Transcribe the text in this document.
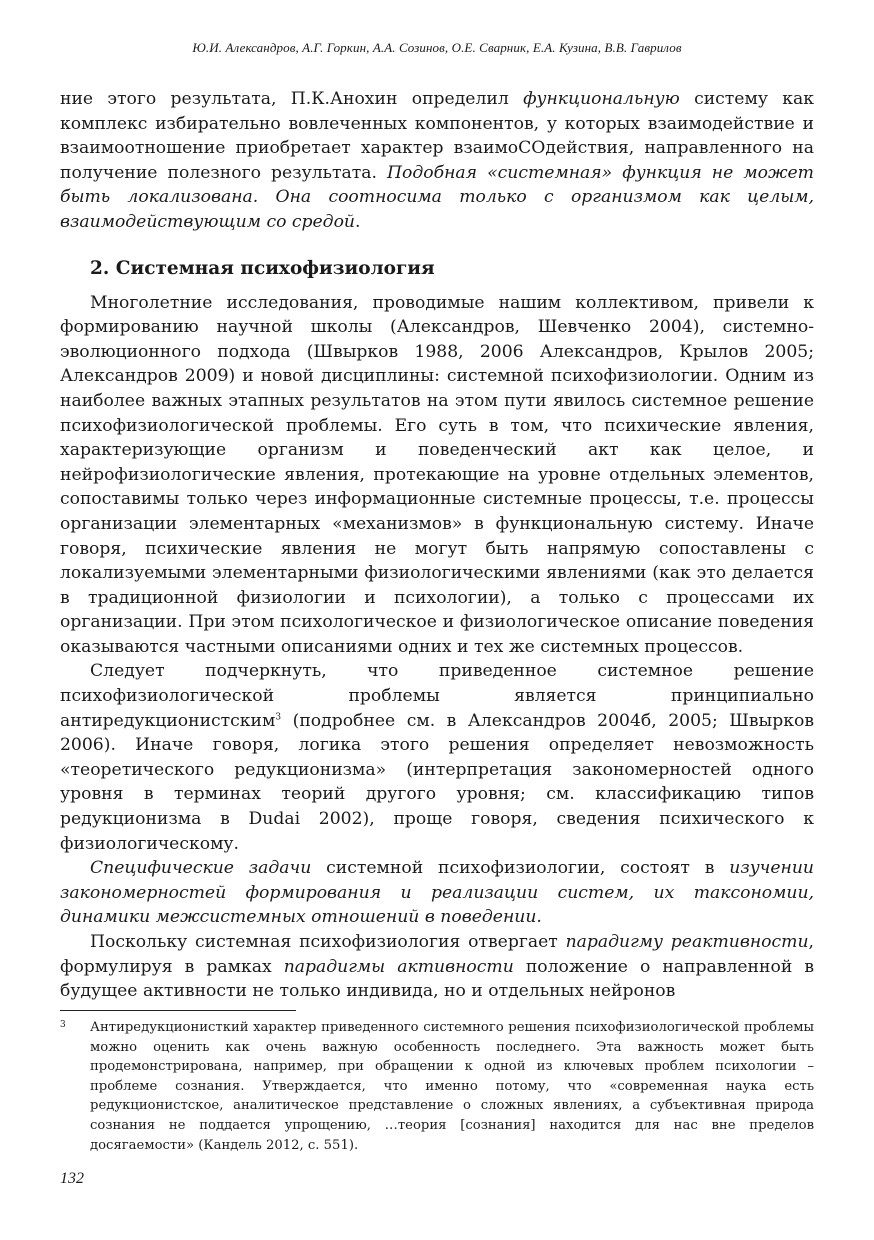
Ю.И. Александров, А.Г. Горкин, А.А. Созинов, О.Е. Сварник, Е.А. Кузина, В.В. Гаврилов

ние этого результата, П.К.Анохин определил функциональную систему как комплекс избирательно вовлеченных компонентов, у которых взаимодействие и взаимоотношение приобретает характер взаимоСОдействия, направленного на получение полезного результата. Подобная «системная» функция не может быть локализована. Она соотносима только с организмом как целым, взаимодействующим со средой.

2. Системная психофизиология

Многолетние исследования, проводимые нашим коллективом, привели к формированию научной школы (Александров, Шевченко 2004), системно-эволюционного подхода (Швырков 1988, 2006 Александров, Крылов 2005; Александров 2009) и новой дисциплины: системной психофизиологии. Одним из наиболее важных этапных результатов на этом пути явилось системное решение психофизиологической проблемы. Его суть в том, что психические явления, характеризующие организм и поведенческий акт как целое, и нейрофизиологические явления, протекающие на уровне отдельных элементов, сопоставимы только через информационные системные процессы, т.е. процессы организации элементарных «механизмов» в функциональную систему. Иначе говоря, психические явления не могут быть напрямую сопоставлены с локализуемыми элементарными физиологическими явлениями (как это делается в традиционной физиологии и психологии), а только с процессами их организации. При этом психологическое и физиологическое описание поведения оказываются частными описаниями одних и тех же системных процессов.

Следует подчеркнуть, что приведенное системное решение психофизиологической проблемы является принципиально антиредукционистским$^3$ (подробнее см. в Александров 2004б, 2005; Швырков 2006). Иначе говоря, логика этого решения определяет невозможность «теоретического редукционизма» (интерпретация закономерностей одного уровня в терминах теорий другого уровня; см. классификацию типов редукционизма в Dudai 2002), проще говоря, сведения психического к физиологическому.

Специфические задачи системной психофизиологии, состоят в изучении закономерностей формирования и реализации систем, их таксономии, динамики межсистемных отношений в поведении.

Поскольку системная психофизиология отвергает парадигму реактивности, формулируя в рамках парадигмы активности положение о направленной в будущее активности не только индивида, но и отдельных нейронов

3 Антиредукционисткий характер приведенного системного решения психофизиологической проблемы можно оценить как очень важную особенность последнего. Эта важность может быть продемонстрирована, например, при обращении к одной из ключевых проблем психологии – проблеме сознания. Утверждается, что именно потому, что «современная наука есть редукционистское, аналитическое представление о сложных явлениях, а субъективная природа сознания не поддается упрощению, …теория [сознания] находится для нас вне пределов досягаемости» (Кандель 2012, с. 551).
132
